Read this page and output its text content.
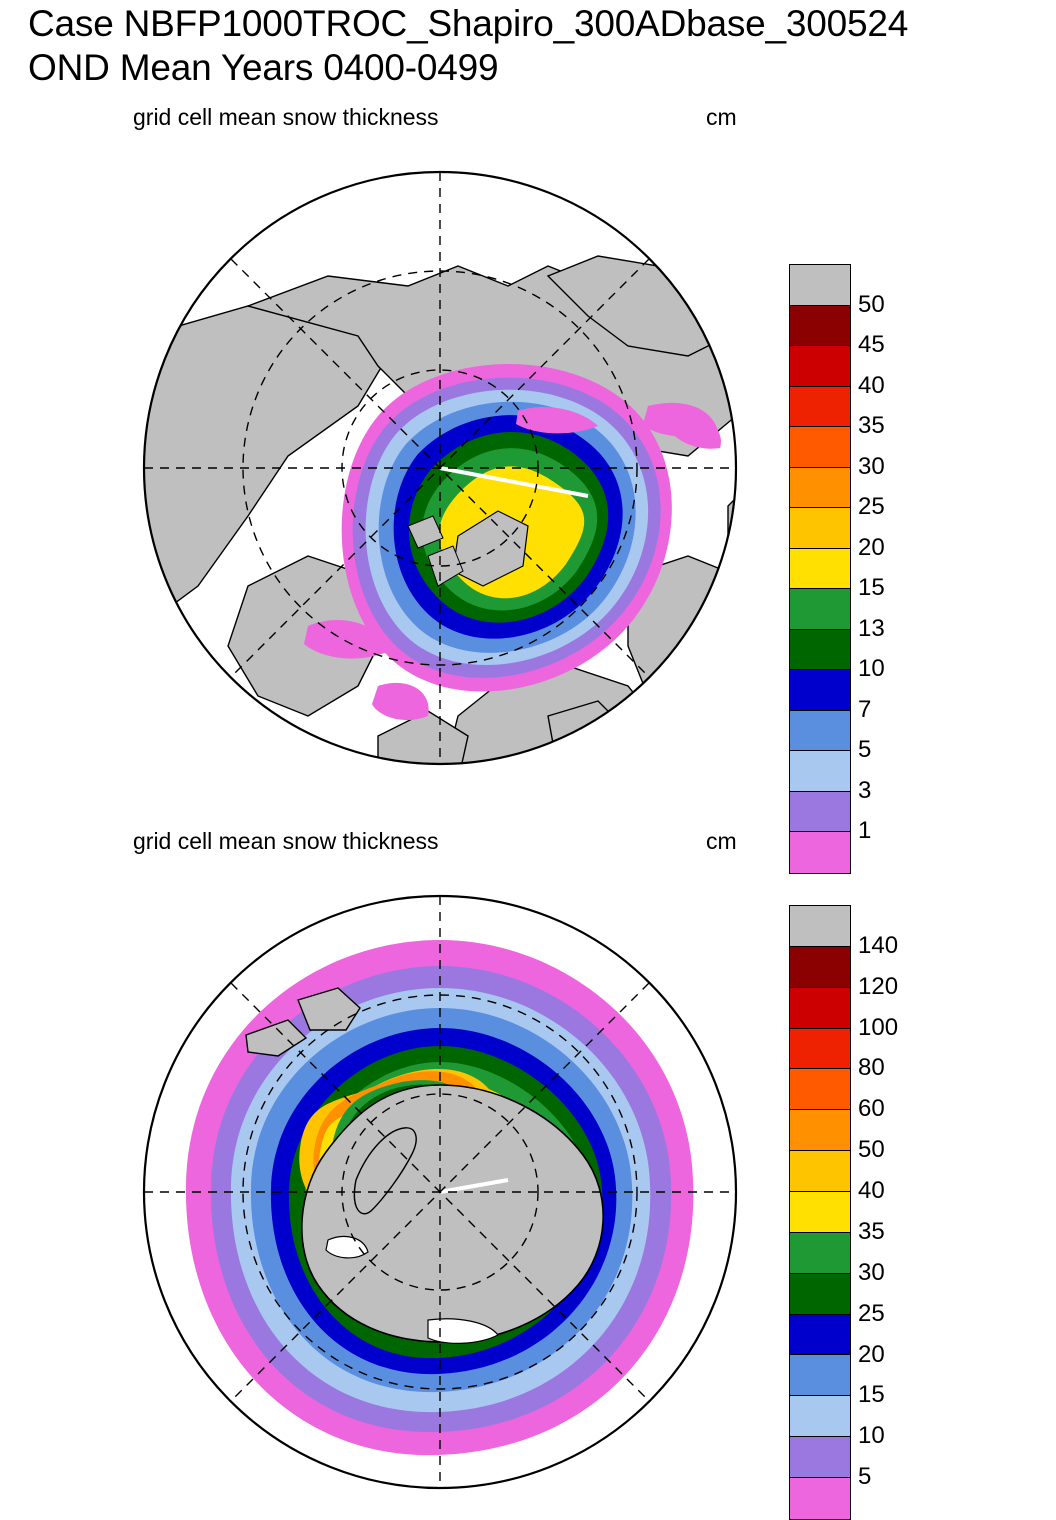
Case NBFP1000TROC_Shapiro_300ADbase_300524
OND Mean Years 0400-0499
grid cell mean snow thickness	cm
50
45
40
35
30
25
20
15
13
10
7
5
3
1
grid cell mean snow thickness	cm
140
120
100
80
60
50
40
35
30
25
20
15
10
5
